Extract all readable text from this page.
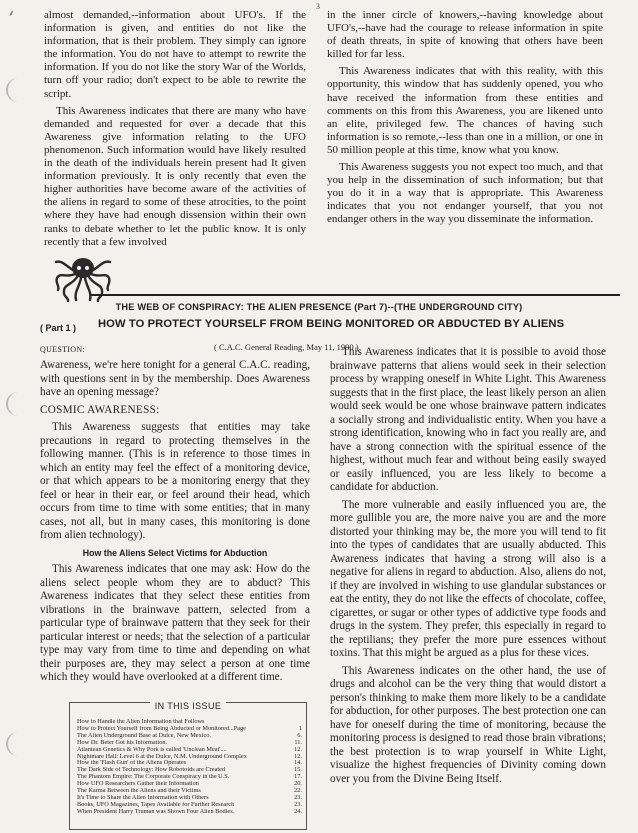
⸙
3

almost demanded,--information about UFO's. If the information is given, and entities do not like the information, that is their problem. They simply can ignore the information. You do not have to attempt to rewrite the information. If you do not like the story War of the Worlds, turn off your radio; don't expect to be able to rewrite the script.

This Awareness indicates that there are many who have demanded and requested for over a decade that this Awareness give information relating to the UFO phenomenon. Such information would have likely resulted in the death of the individuals herein present had It given information previously. It is only recently that even the higher authorities have become aware of the activities of the aliens in regard to some of these atrocities, to the point where they have had enough dissension within their own ranks to debate whether to let the public know. It is only recently that a few involved

in the inner circle of knowers,--having knowledge about UFO's,--have had the courage to release information in spite of death threats, in spite of knowing that others have been killed for far less.

This Awareness indicates that with this reality, with this opportunity, this window that has suddenly opened, you who have received the information from these entities and comments on this from this Awareness, you are likened unto an elite, privileged few. The chances of having such information is so remote,--less than one in a million, or one in 50 million people at this time, know what you know.

This Awareness suggests you not expect too much, and that you help in the dissemination of such information; but that you do it in a way that is appropriate. This Awareness indicates that you not endanger yourself, that you not endanger others in the way you disseminate the information.

THE WEB OF CONSPIRACY: THE ALIEN PRESENCE (Part 7)--(THE UNDERGROUND CITY)
( Part 1 ) HOW TO PROTECT YOURSELF FROM BEING MONITORED OR ABDUCTED BY ALIENS
QUESTION:	( C.A.C. General Reading, May 11, 1990 )

Awareness, we're here tonight for a general C.A.C. reading, with questions sent in by the membership. Does Awareness have an opening message?

COSMIC AWARENESS:

This Awareness suggests that entities may take precautions in regard to protecting themselves in the following manner. (This is in reference to those times in which an entity may feel the effect of a monitoring device, or that which appears to be a monitoring energy that they feel or hear in their ear, or feel around their head, which occurs from time to time with some entities; that in many cases, not all, but in many cases, this monitoring is done from alien technology).

How the Aliens Select Victims for Abduction

This Awareness indicates that one may ask: How do the aliens select people whom they are to abduct? This Awareness indicates that they select these entities from vibrations in the brainwave pattern, selected from a particular type of brainwave pattern that they seek for their particular interest or needs; that the selection of a particular type may vary from time to time and depending on what their purposes are, they may select a person at one time which they would have overlooked at a different time.

This Awareness indicates that it is possible to avoid those brainwave patterns that aliens would seek in their selection process by wrapping oneself in White Light. This Awareness suggests that in the first place, the least likely person an alien would seek would be one whose brainwave pattern indicates a socially strong and individualistic entity. When you have a strong identification, knowing who in fact you really are, and have a strong connection with the spiritual essence of the highest, without much fear and without being easily swayed or easily influenced, you are less likely to become a candidate for abduction.

The more vulnerable and easily influenced you are, the more gullible you are, the more naive you are and the more distorted your thinking may be, the more you will tend to fit into the types of candidates that are usually abducted. This Awareness indicates that having a strong will also is a negative for aliens in regard to abduction. Also, aliens do not, if they are involved in wishing to use glandular substances or eat the entity, they do not like the effects of chocolate, coffee, cigarettes, or sugar or other types of addictive type foods and drugs in the system. They prefer, this especially in regard to the reptilians; they prefer the more pure essences without toxins. That this might be argued as a plus for these vices.

This Awareness indicates on the other hand, the use of drugs and alcohol can be the very thing that would distort a person's thinking to make them more likely to be a candidate for abduction, for other purposes. The best protection one can have for oneself during the time of monitoring, because the monitoring process is designed to read those brain vibrations; the best protection is to wrap yourself in White Light, visualize the highest frequencies of Divinity coming down over you from the Divine Being Itself.

IN THIS ISSUE
How to Handle the Alien Information that Follows
How to Protect Yourself from Being Abducted or Monitored...Page	1
The Alien Underground Base at Dulce, New Mexico.	6.
How Dr. Beter Got his Information.	11.
Atlantean Genetics & Why Pork is called 'Unclean Meat'....	12.
Nightmare Hall: Level 6 at the Dulce, N.M. Underground Complex	12.
How the 'Flash Gun' of the Aliens Operates	14.
The Dark Side of Technology: How Robotoids are Created	15.
The Phantom Empire: The Corporate Conspiracy in the U.S.	17.
How UFO Researchers Gather their Information	20.
The Karma Between the Aliens and their Victims	22.
It's Time to Share the Alien Information with Others	23.
Books, UFO Magazines, Tapes Available for Further Research	23.
When President Harry Truman was Shown Four Alien Bodies.	24.
